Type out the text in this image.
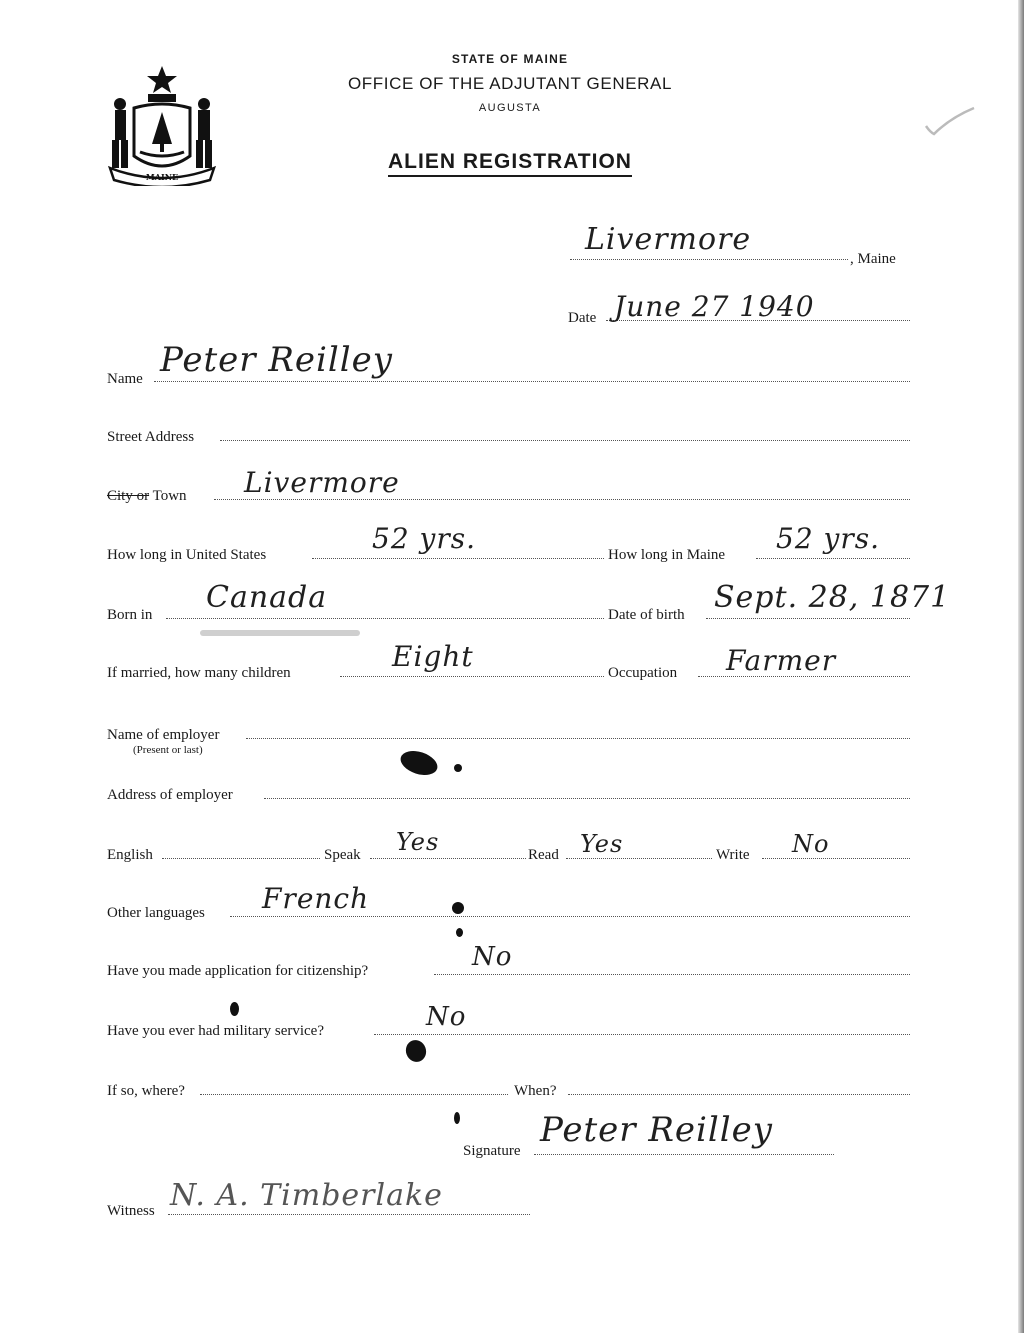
MAINE
STATE OF MAINE
OFFICE OF THE ADJUTANT GENERAL
AUGUSTA
ALIEN REGISTRATION
Livermore
, Maine
Date June 27 1940
Name Peter Reilley
Street Address
City or Town Livermore
How long in United States	52 yrs.	How long in Maine 52 yrs.
Born in Canada	Date of birth Sept. 28, 1871
If married, how many children	Eight	Occupation Farmer
Name of employer
(Present or last)
Address of employer
English	Speak Yes	Read Yes	Write No
Other languages French
Have you made application for citizenship?	No
Have you ever had military service?	No
If so, where?	When?
Signature
Peter Reilley
Witness N. A. Timberlake
